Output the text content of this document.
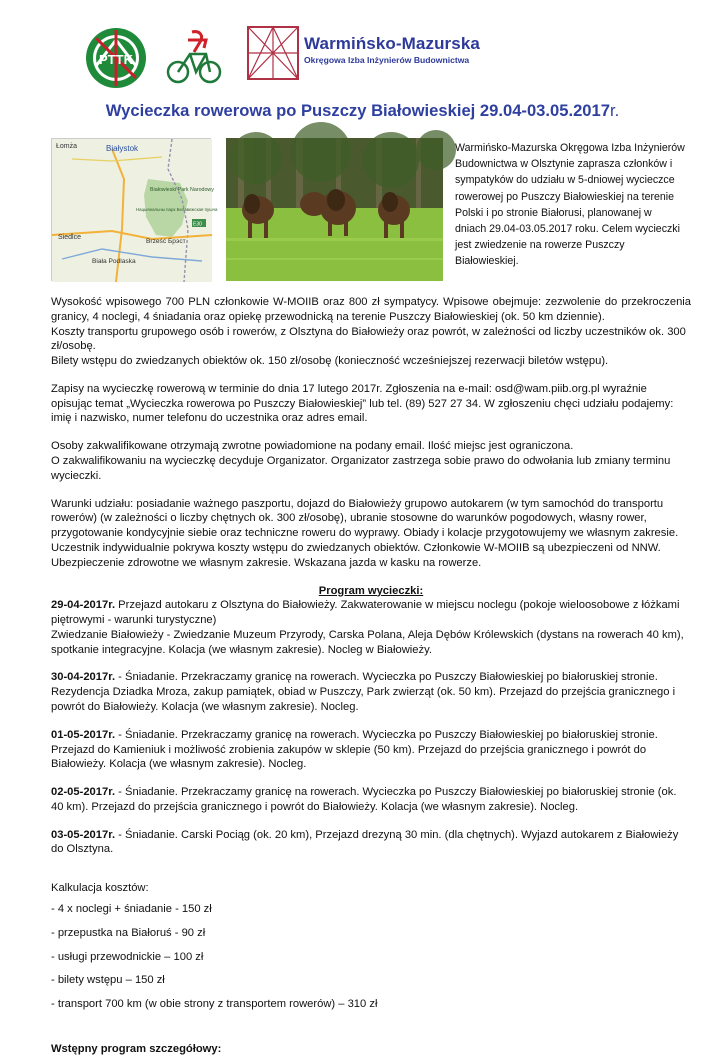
PTTK
Warmińsko-Mazurska
Okręgowa Izba Inżynierów Budownictwa
Wycieczka rowerowa po Puszczy Białowieskiej 29.04-03.05.2017r.
Łomża	Białystok
Białowieski Park Narodowy
Нацыянальны парк Белавежская пушча
Siedlce
Brześć Брэст
Biała Podlaska
E30
Warmińsko-Mazurska Okręgowa Izba Inżynierów Budownictwa w Olsztynie zaprasza członków i sympatyków do udziału w 5-dniowej wycieczce rowerowej po Puszczy Białowieskiej na terenie Polski i po stronie Białorusi, planowanej w dniach 29.04-03.05.2017 roku. Celem wycieczki jest zwiedzenie na rowerze Puszczy Białowieskiej.
Wysokość wpisowego 700 PLN członkowie W-MOIIB oraz 800 zł sympatycy. Wpisowe obejmuje: zezwolenie do przekroczenia granicy, 4 noclegi, 4 śniadania oraz opiekę przewodnicką na terenie Puszczy Białowieskiej (ok. 50 km dziennie).
Koszty transportu grupowego osób i rowerów, z Olsztyna do Białowieży oraz powrót, w zależności od liczby uczestników ok. 300 zł/osobę.
Bilety wstępu do zwiedzanych obiektów ok. 150 zł/osobę (konieczność wcześniejszej rezerwacji biletów wstępu).
Zapisy na wycieczkę rowerową w terminie do dnia 17 lutego 2017r. Zgłoszenia na e-mail: osd@wam.piib.org.pl wyraźnie opisując temat „Wycieczka rowerowa po Puszczy Białowieskiej” lub tel. (89) 527 27 34. W zgłoszeniu chęci udziału podajemy:
imię i nazwisko, numer telefonu do uczestnika oraz adres email.
Osoby zakwalifikowane otrzymają zwrotne powiadomione na podany email. Ilość miejsc jest ograniczona.
O zakwalifikowaniu na wycieczkę decyduje Organizator. Organizator zastrzega sobie prawo do odwołania lub zmiany terminu wycieczki.
Warunki udziału: posiadanie ważnego paszportu, dojazd do Białowieży grupowo autokarem (w tym samochód do transportu rowerów) (w zależności o liczby chętnych ok. 300 zł/osobę), ubranie stosowne do warunków pogodowych, własny rower, przygotowanie kondycyjnie siebie oraz techniczne roweru do wyprawy. Obiady i kolacje przygotowujemy we własnym zakresie. Uczestnik indywidualnie pokrywa koszty wstępu do zwiedzanych obiektów. Członkowie W-MOIIB są ubezpieczeni od NNW. Ubezpieczenie zdrowotne we własnym zakresie. Wskazana jazda w kasku na rowerze.
Program wycieczki:
29-04-2017r. Przejazd autokaru z Olsztyna do Białowieży. Zakwaterowanie w miejscu noclegu (pokoje wieloosobowe z łóżkami piętrowymi - warunki turystyczne)
Zwiedzanie Białowieży - Zwiedzanie Muzeum Przyrody, Carska Polana, Aleja Dębów Królewskich (dystans na rowerach 40 km), spotkanie integracyjne. Kolacja (we własnym zakresie). Nocleg w Białowieży.
30-04-2017r. - Śniadanie. Przekraczamy granicę na rowerach. Wycieczka po Puszczy Białowieskiej po białoruskiej stronie. Rezydencja Dziadka Mroza, zakup pamiątek, obiad w Puszczy, Park zwierząt (ok. 50 km). Przejazd do przejścia granicznego i powrót do Białowieży. Kolacja (we własnym zakresie). Nocleg.
01-05-2017r. - Śniadanie. Przekraczamy granicę na rowerach. Wycieczka po Puszczy Białowieskiej po białoruskiej stronie. Przejazd do Kamieniuk i możliwość zrobienia zakupów w sklepie (50 km). Przejazd do przejścia granicznego i powrót do Białowieży. Kolacja (we własnym zakresie). Nocleg.
02-05-2017r. - Śniadanie. Przekraczamy granicę na rowerach. Wycieczka po Puszczy Białowieskiej po białoruskiej stronie (ok. 40 km). Przejazd do przejścia granicznego i powrót do Białowieży. Kolacja (we własnym zakresie). Nocleg.
03-05-2017r. - Śniadanie. Carski Pociąg (ok. 20 km), Przejazd drezyną 30 min. (dla chętnych). Wyjazd autokarem z Białowieży do Olsztyna.
Kalkulacja kosztów:
- 4 x noclegi + śniadanie - 150 zł
- przepustka na Białoruś - 90 zł
- usługi przewodnickie – 100 zł
- bilety wstępu – 150 zł
- transport 700 km (w obie strony z transportem rowerów) – 310 zł
Wstępny program szczegółowy:
